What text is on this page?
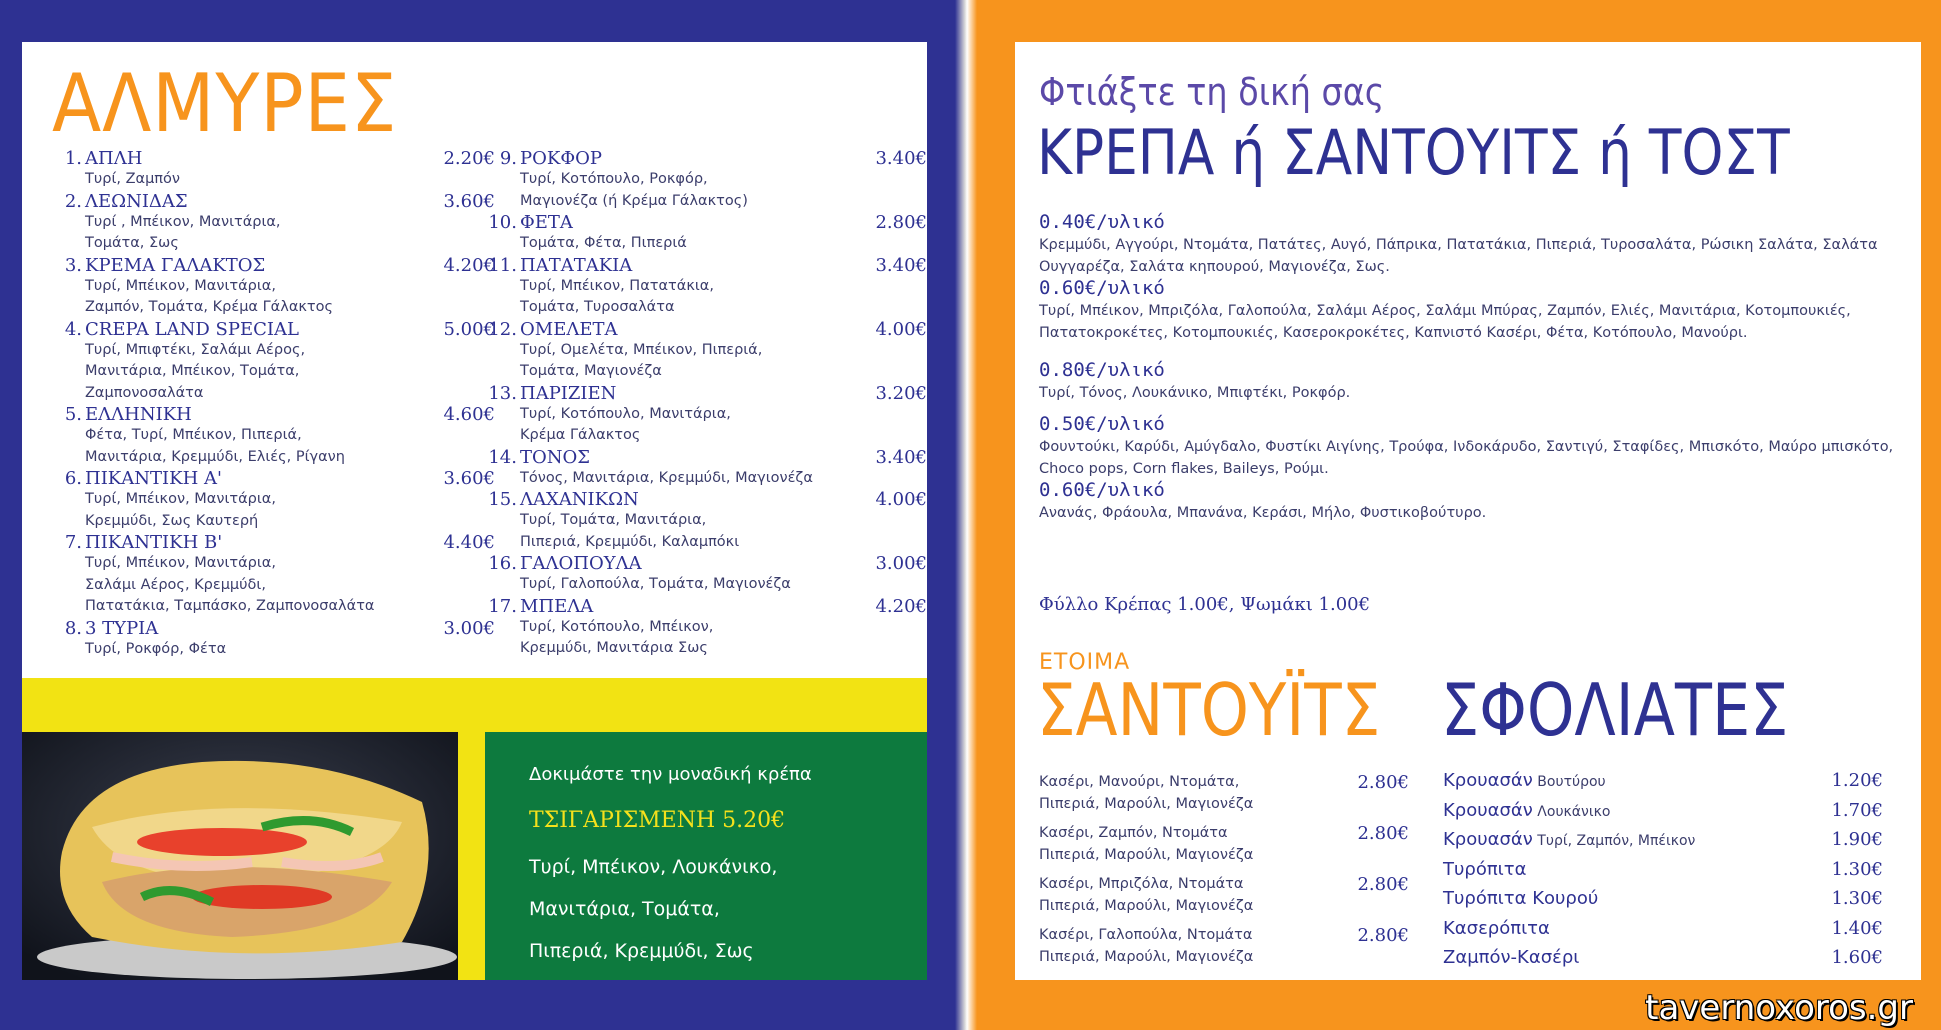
ΑΛΜΥΡΕΣ
1. ΑΠΛΗ	2.20€
Τυρί, Ζαμπόν
2. ΛΕΩΝΙΔΑΣ	3.60€
Τυρί , Μπέικον, Μανιτάρια,
Τομάτα, Σως
3. ΚΡΕΜΑ ΓΑΛΑΚΤΟΣ	4.20€
Τυρί, Μπέικον, Μανιτάρια,
Ζαμπόν, Τομάτα, Κρέμα Γάλακτος
4. CREPA LAND SPECIAL	5.00€
Τυρί, Μπιφτέκι, Σαλάμι Αέρος,
Μανιτάρια, Μπέικον, Τομάτα,
Ζαμπονοσαλάτα
5. ΕΛΛΗΝΙΚΗ	4.60€
Φέτα, Τυρί, Μπέικον, Πιπεριά,
Μανιτάρια, Κρεμμύδι, Ελιές, Ρίγανη
6. ΠΙΚΑΝΤΙΚΗ Α'	3.60€
Τυρί, Μπέικον, Μανιτάρια,
Κρεμμύδι, Σως Καυτερή
7. ΠΙΚΑΝΤΙΚΗ Β'	4.40€
Τυρί, Μπέικον, Μανιτάρια,
Σαλάμι Αέρος, Κρεμμύδι,
Πατατάκια, Ταμπάσκο, Ζαμπονοσαλάτα
8. 3 ΤΥΡΙΑ	3.00€
Τυρί, Ροκφόρ, Φέτα
9. ΡΟΚΦΟΡ	3.40€
Τυρί, Κοτόπουλο, Ροκφόρ,
Μαγιονέζα (ή Κρέμα Γάλακτος)
10. ΦΕΤΑ	2.80€
Τομάτα, Φέτα, Πιπεριά
11. ΠΑΤΑΤΑΚΙΑ	3.40€
Τυρί, Μπέικον, Πατατάκια,
Τομάτα, Τυροσαλάτα
12. ΟΜΕΛΕΤΑ	4.00€
Τυρί, Ομελέτα, Μπέικον, Πιπεριά,
Τομάτα, Μαγιονέζα
13. ΠΑΡΙΖΙΕΝ	3.20€
Τυρί, Κοτόπουλο, Μανιτάρια,
Κρέμα Γάλακτος
14. ΤΟΝΟΣ	3.40€
Τόνος, Μανιτάρια, Κρεμμύδι, Μαγιονέζα
15. ΛΑΧΑΝΙΚΩΝ	4.00€
Τυρί, Τομάτα, Μανιτάρια,
Πιπεριά, Κρεμμύδι, Καλαμπόκι
16. ΓΑΛΟΠΟΥΛΑ	3.00€
Τυρί, Γαλοπούλα, Τομάτα, Μαγιονέζα
17. ΜΠΕΛΑ	4.20€
Τυρί, Κοτόπουλο, Μπέικον,
Κρεμμύδι, Μανιτάρια Σως
Δοκιμάστε την μοναδική κρέπα
ΤΣΙΓΑΡΙΣΜΕΝΗ 5.20€
Τυρί, Μπέικον, Λουκάνικο,
Μανιτάρια, Τομάτα,
Πιπεριά, Κρεμμύδι, Σως
Φτιάξτε τη δική σας
ΚΡΕΠΑ ή ΣΑΝΤΟΥΙΤΣ ή ΤΟΣΤ
0.40€/υλικό
Κρεμμύδι, Αγγούρι, Ντομάτα, Πατάτες, Αυγό, Πάπρικα, Πατατάκια, Πιπεριά, Τυροσαλάτα, Ρώσικη Σαλάτα, Σαλάτα Ουγγαρέζα, Σαλάτα κηπουρού, Μαγιονέζα, Σως.
0.60€/υλικό
Τυρί, Μπέικον, Μπριζόλα, Γαλοπούλα, Σαλάμι Αέρος, Σαλάμι Μπύρας, Ζαμπόν, Ελιές, Μανιτάρια, Κοτομπουκιές, Πατατοκροκέτες, Κοτομπουκιές, Κασεροκροκέτες, Καπνιστό Κασέρι, Φέτα, Κοτόπουλο, Μανούρι.
0.80€/υλικό
Τυρί, Τόνος, Λουκάνικο, Μπιφτέκι, Ροκφόρ.
0.50€/υλικό
Φουντούκι, Καρύδι, Αμύγδαλο, Φυστίκι Αιγίνης, Τρούφα, Ινδοκάρυδο, Σαντιγύ, Σταφίδες, Μπισκότο, Μαύρο μπισκότο, Choco pops, Corn flakes, Baileys, Ρούμι.
0.60€/υλικό
Ανανάς, Φράουλα, Μπανάνα, Κεράσι, Μήλο, Φυστικοβούτυρο.
Φύλλο Κρέπας 1.00€, Ψωμάκι 1.00€
ΕΤΟΙΜΑ
ΣΑΝΤΟΥΪΤΣ ΣΦΟΛΙΑΤΕΣ
Κασέρι, Μανούρι, Ντομάτα,
Πιπεριά, Μαρούλι, Μαγιονέζα
2.80€
Κασέρι, Ζαμπόν, Ντομάτα
Πιπεριά, Μαρούλι, Μαγιονέζα
2.80€
Κασέρι, Μπριζόλα, Ντομάτα
Πιπεριά, Μαρούλι, Μαγιονέζα
2.80€
Κασέρι, Γαλοπούλα, Ντομάτα
Πιπεριά, Μαρούλι, Μαγιονέζα
2.80€
Κρουασάν Βουτύρου	1.20€
Κρουασάν Λουκάνικο	1.70€
Κρουασάν Τυρί, Ζαμπόν, Μπέικον	1.90€
Τυρόπιτα	1.30€
Τυρόπιτα Κουρού	1.30€
Κασερόπιτα	1.40€
Ζαμπόν-Κασέρι	1.60€
tavernoxoros.gr
